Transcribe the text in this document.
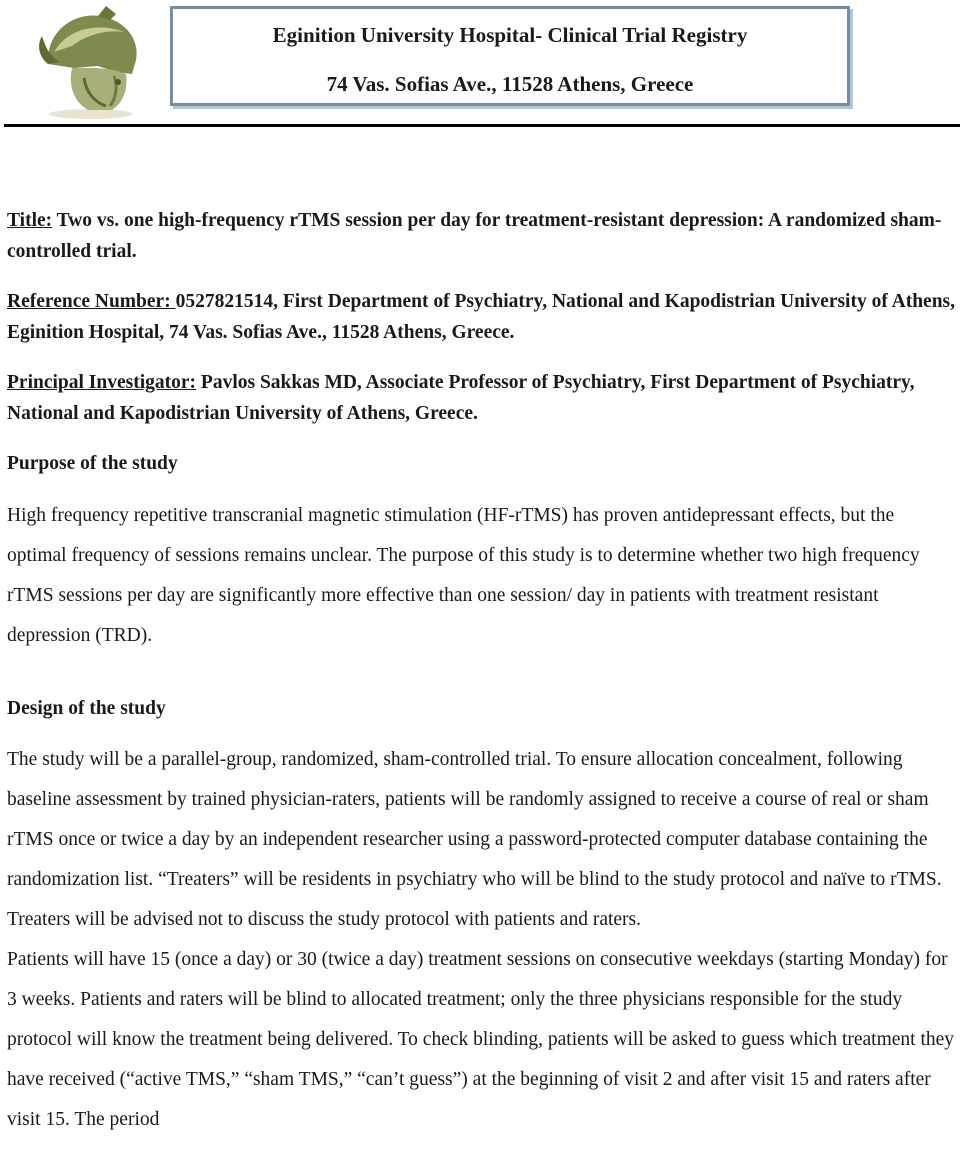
Eginition University Hospital- Clinical Trial Registry
74 Vas. Sofias Ave., 11528 Athens, Greece

Title: Two vs. one high-frequency rTMS session per day for treatment-resistant depression: A randomized sham-controlled trial.

Reference Number: 0527821514, First Department of Psychiatry, National and Kapodistrian University of Athens, Eginition Hospital, 74 Vas. Sofias Ave., 11528 Athens, Greece.

Principal Investigator: Pavlos Sakkas MD, Associate Professor of Psychiatry, First Department of Psychiatry, National and Kapodistrian University of Athens, Greece.

Purpose of the study

High frequency repetitive transcranial magnetic stimulation (HF-rTMS) has proven antidepressant effects, but the optimal frequency of sessions remains unclear. The purpose of this study is to determine whether two high frequency rTMS sessions per day are significantly more effective than one session/ day in patients with treatment resistant depression (TRD).

Design of the study

The study will be a parallel-group, randomized, sham-controlled trial. To ensure allocation concealment, following baseline assessment by trained physician-raters, patients will be randomly assigned to receive a course of real or sham rTMS once or twice a day by an independent researcher using a password-protected computer database containing the randomization list. “Treaters” will be residents in psychiatry who will be blind to the study protocol and naïve to rTMS. Treaters will be advised not to discuss the study protocol with patients and raters.

Patients will have 15 (once a day) or 30 (twice a day) treatment sessions on consecutive weekdays (starting Monday) for 3 weeks. Patients and raters will be blind to allocated treatment; only the three physicians responsible for the study protocol will know the treatment being delivered. To check blinding, patients will be asked to guess which treatment they have received (“active TMS,” “sham TMS,” “can’t guess”) at the beginning of visit 2 and after visit 15 and raters after visit 15. The period
